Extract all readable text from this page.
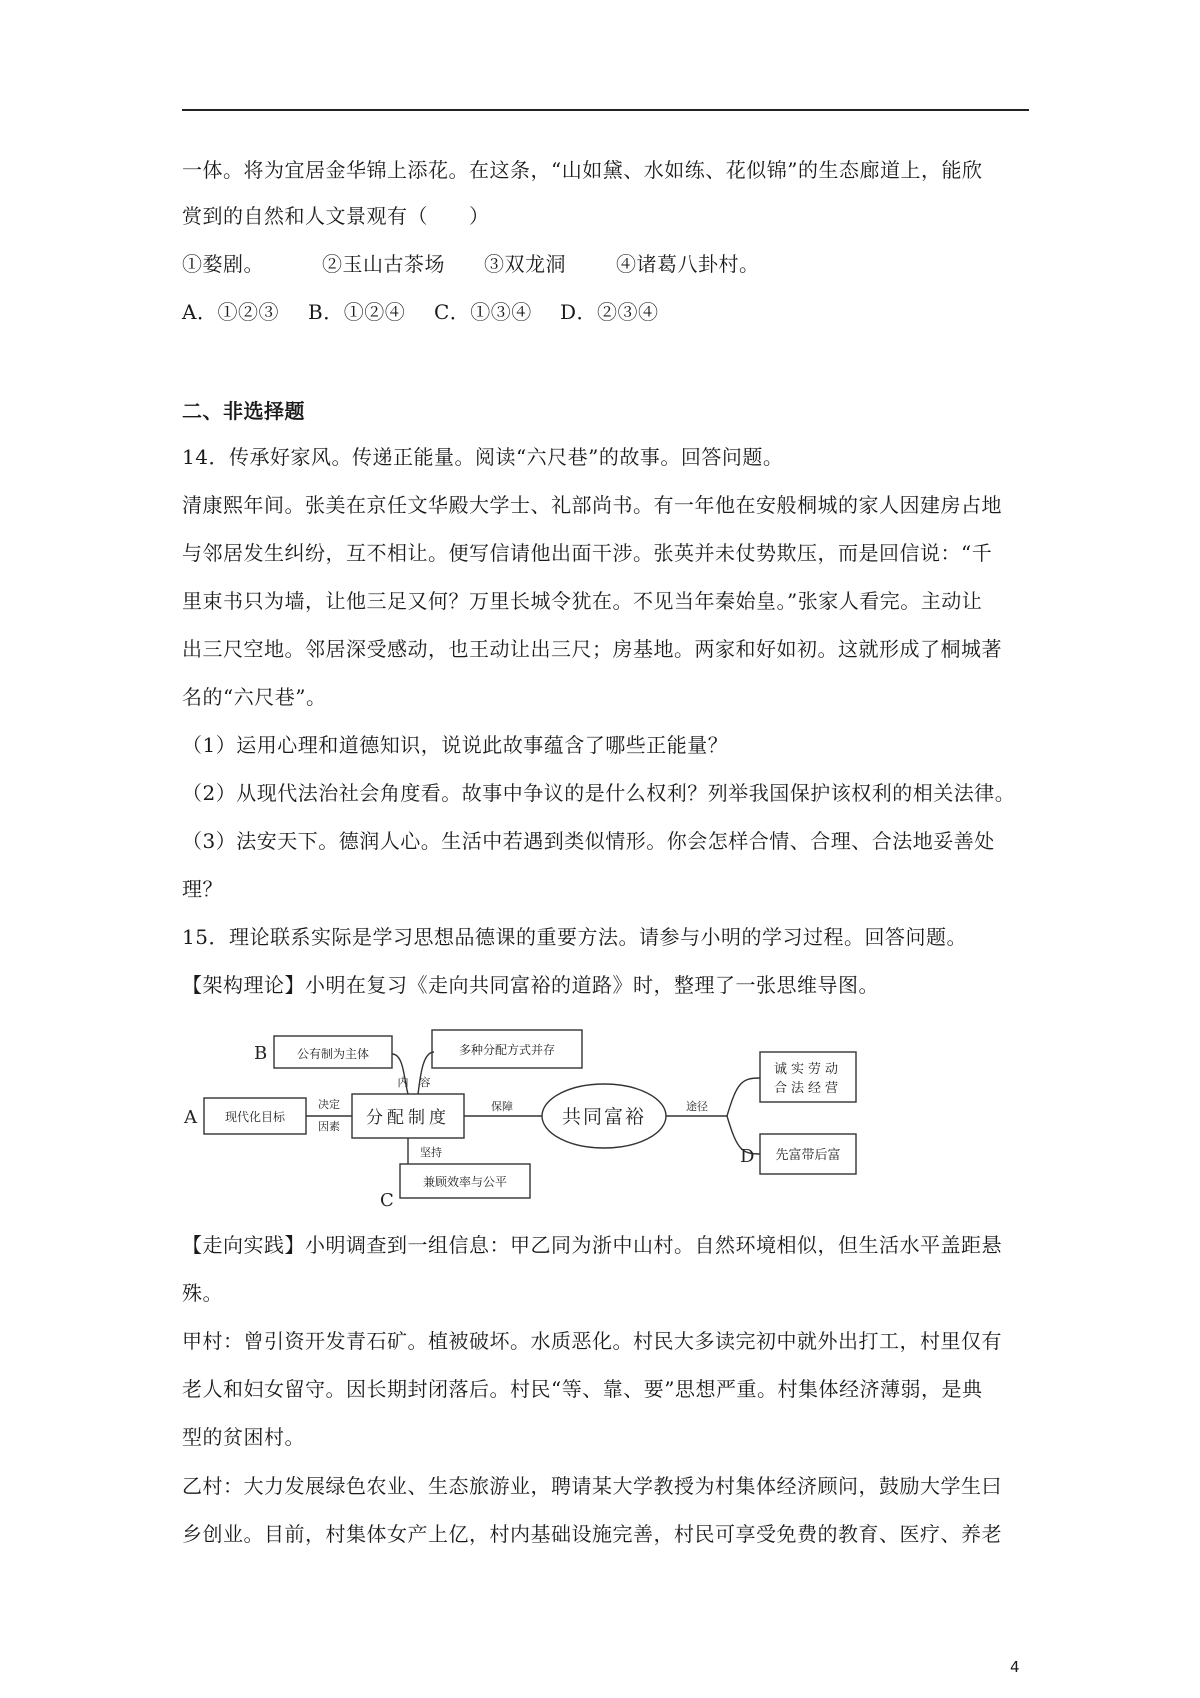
一体。将为宜居金华锦上添花。在这条，“山如黛、水如练、花似锦”的生态廊道上，能欣
赏到的自然和人文景观有（　　）
①婺剧。	②玉山古茶场 ③双龙洞	④诸葛八卦村。
A．①②③ B．①②④ C．①③④ D．②③④
二、非选择题
14．传承好家风。传递正能量。阅读“六尺巷”的故事。回答问题。
清康熙年间。张美在京任文华殿大学士、礼部尚书。有一年他在安般桐城的家人因建房占地
与邻居发生纠纷，互不相让。便写信请他出面干涉。张英并未仗势欺压，而是回信说：“千
里束书只为墙，让他三足又何？万里长城令犹在。不见当年秦始皇。”张家人看完。主动让
出三尺空地。邻居深受感动，也王动让出三尺；房基地。两家和好如初。这就形成了桐城著
名的“六尺巷”。
（1）运用心理和道德知识，说说此故事蕴含了哪些正能量？
（2）从现代法治社会角度看。故事中争议的是什么权利？列举我国保护该权利的相关法律。
（3）法安天下。德润人心。生活中若遇到类似情形。你会怎样合情、合理、合法地妥善处
理？
15．理论联系实际是学习思想品德课的重要方法。请参与小明的学习过程。回答问题。
【架构理论】小明在复习《走向共同富裕的道路》时，整理了一张思维导图。
A
B
C
D
公有制为主体	多种分配方式并存
现代化目标	分配制度
兼顾效率与公平
共同富裕
诚实劳动
合法经营
先富带后富
决定
因素
内　容
坚持
保障	途径
【走向实践】小明调查到一组信息：甲乙同为浙中山村。自然环境相似，但生活水平盖距悬
殊。
甲村：曾引资开发青石矿。植被破坏。水质恶化。村民大多读完初中就外出打工，村里仅有
老人和妇女留守。因长期封闭落后。村民“等、靠、要”思想严重。村集体经济薄弱，是典
型的贫困村。
乙村：大力发展绿色农业、生态旅游业，聘请某大学教授为村集体经济顾问，鼓励大学生曰
乡创业。目前，村集体女产上亿，村内基础设施完善，村民可享受免费的教育、医疗、养老
4
